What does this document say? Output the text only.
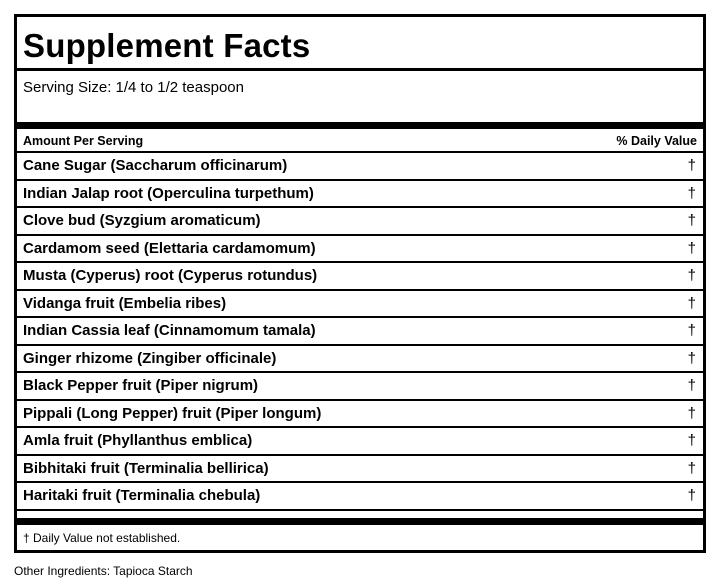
Supplement Facts
Serving Size: 1/4 to 1/2 teaspoon
Amount Per Serving	% Daily Value
Cane Sugar (Saccharum officinarum)	†
Indian Jalap root (Operculina turpethum)	†
Clove bud (Syzgium aromaticum)	†
Cardamom seed (Elettaria cardamomum)	†
Musta (Cyperus) root (Cyperus rotundus)	†
Vidanga fruit (Embelia ribes)	†
Indian Cassia leaf (Cinnamomum tamala)	†
Ginger rhizome (Zingiber officinale)	†
Black Pepper fruit (Piper nigrum)	†
Pippali (Long Pepper) fruit (Piper longum)	†
Amla fruit (Phyllanthus emblica)	†
Bibhitaki fruit (Terminalia bellirica)	†
Haritaki fruit (Terminalia chebula)	†
† Daily Value not established.
Other Ingredients: Tapioca Starch
